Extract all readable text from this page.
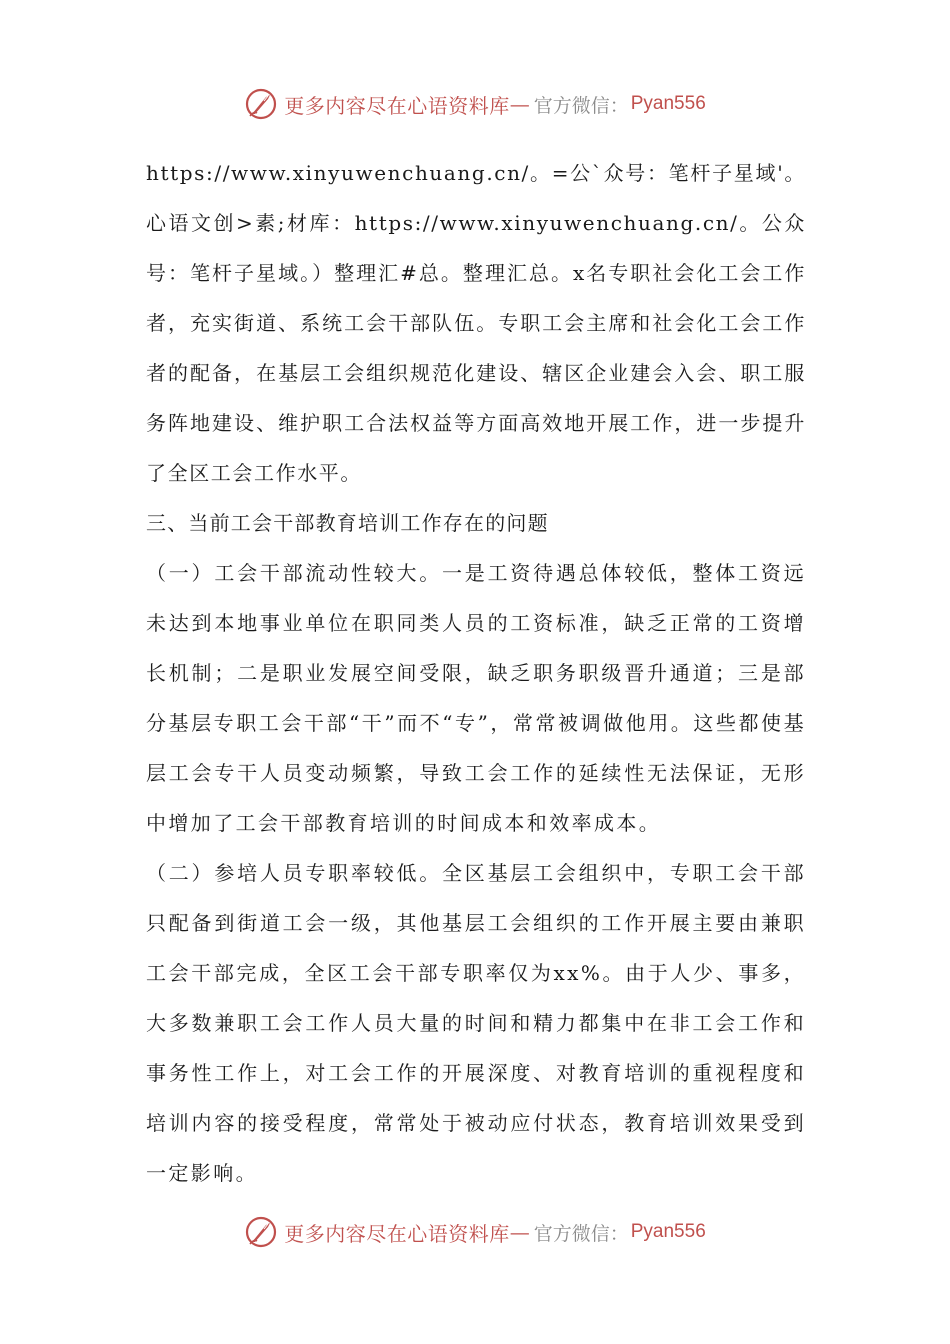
更多内容尽在心语资料库 — 官方微信： Pyan556

https://www.xinyuwenchuang.cn/。=公`众号：笔杆子星域'。心语文创>素;材库：https://www.xinyuwenchuang.cn/。公众号：笔杆子星域。）整理汇#总。整理汇总。x名专职社会化工会工作者，充实街道、系统工会干部队伍。专职工会主席和社会化工会工作者的配备，在基层工会组织规范化建设、辖区企业建会入会、职工服务阵地建设、维护职工合法权益等方面高效地开展工作，进一步提升了全区工会工作水平。

三、当前工会干部教育培训工作存在的问题

（一）工会干部流动性较大。一是工资待遇总体较低，整体工资远未达到本地事业单位在职同类人员的工资标准，缺乏正常的工资增长机制；二是职业发展空间受限，缺乏职务职级晋升通道；三是部分基层专职工会干部“干”而不“专”，常常被调做他用。这些都使基层工会专干人员变动频繁，导致工会工作的延续性无法保证，无形中增加了工会干部教育培训的时间成本和效率成本。

（二）参培人员专职率较低。全区基层工会组织中，专职工会干部只配备到街道工会一级，其他基层工会组织的工作开展主要由兼职工会干部完成，全区工会干部专职率仅为xx%。由于人少、事多，大多数兼职工会工作人员大量的时间和精力都集中在非工会工作和事务性工作上，对工会工作的开展深度、对教育培训的重视程度和培训内容的接受程度，常常处于被动应付状态，教育培训效果受到一定影响。

更多内容尽在心语资料库 — 官方微信： Pyan556
